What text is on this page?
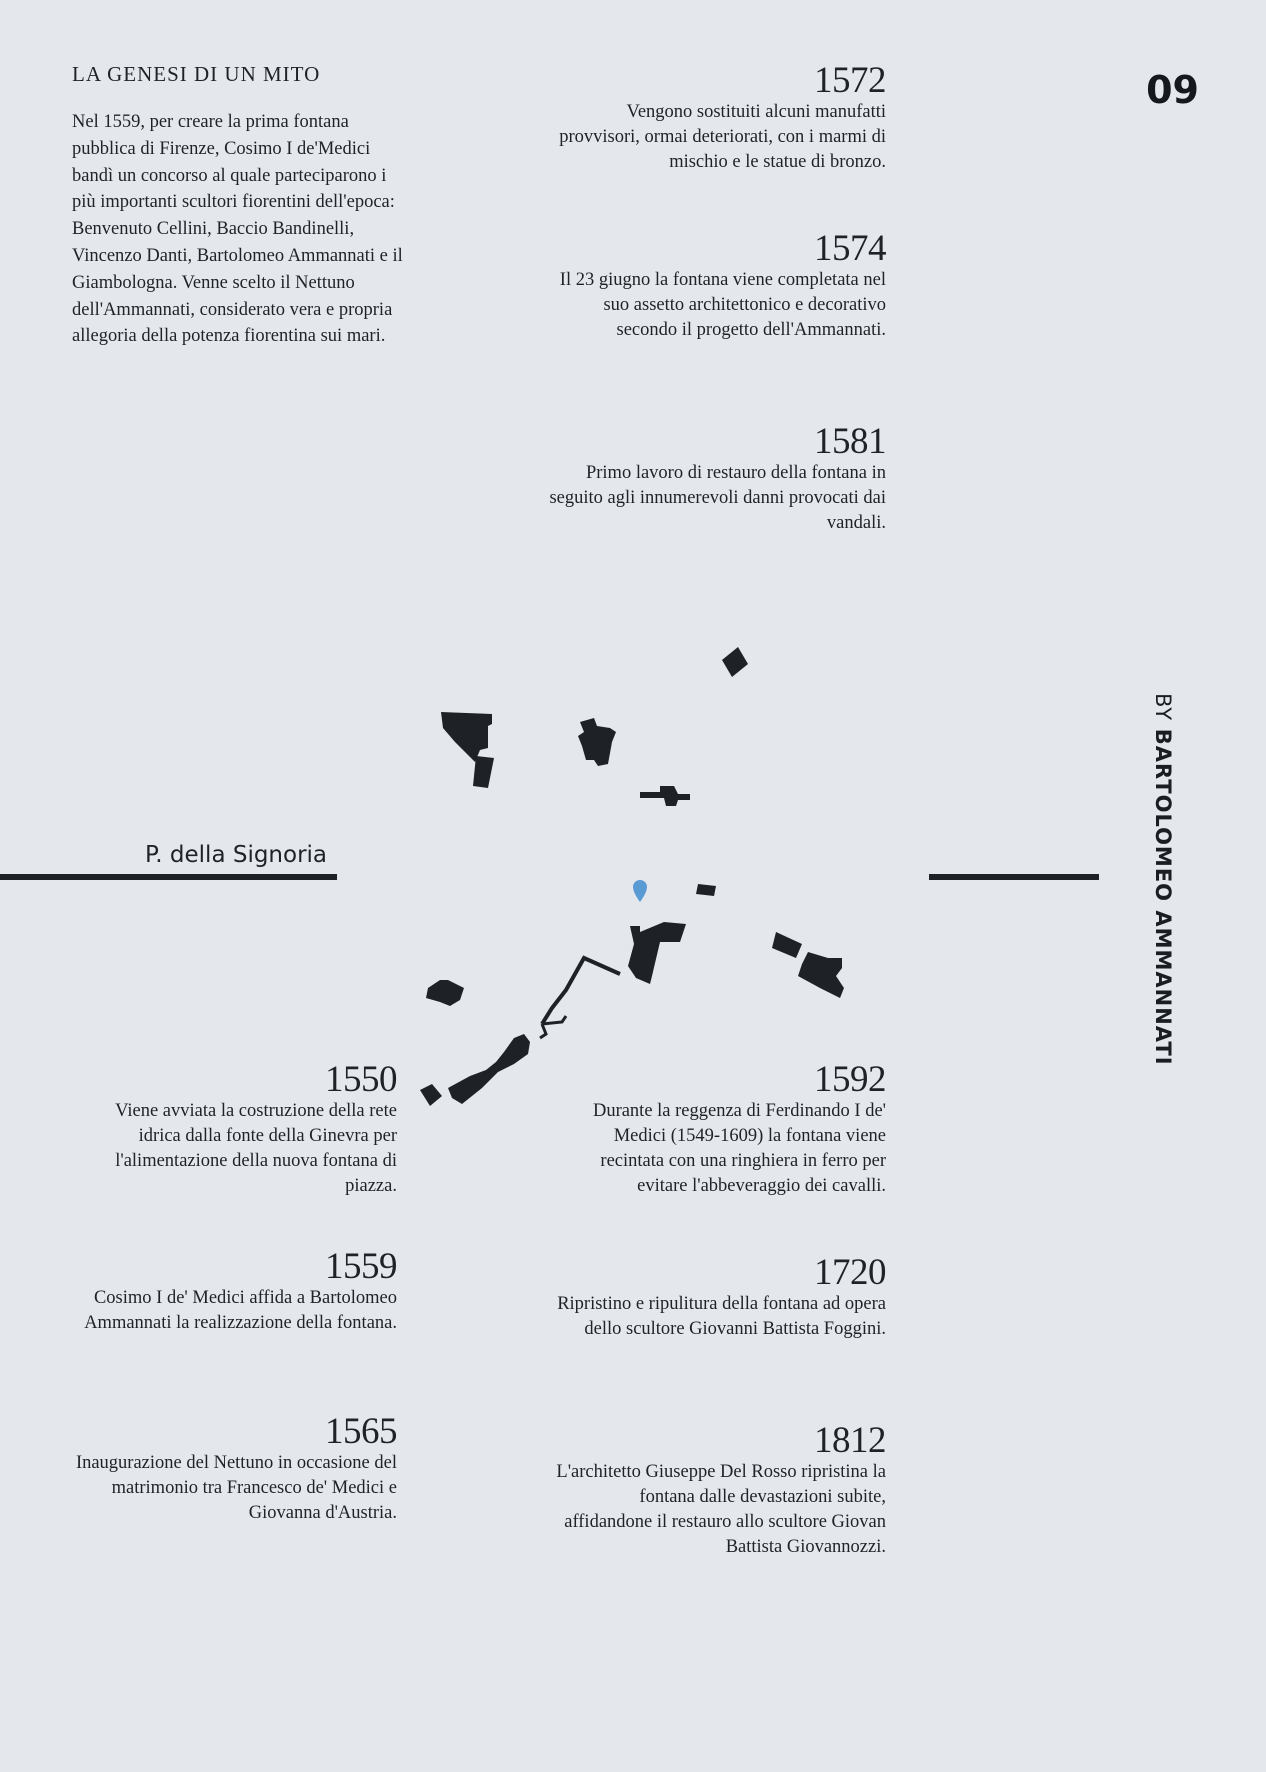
LA GENESI DI UN MITO

Nel 1559, per creare la prima fontana pubblica di Firenze, Cosimo I de'Medici bandì un concorso al quale parteciparono i più importanti scultori fiorentini dell'epoca: Benvenuto Cellini, Baccio Bandinelli, Vincenzo Danti, Bartolomeo Ammannati e il Giambologna. Venne scelto il Nettuno dell'Ammannati, considerato vera e propria allegoria della potenza fiorentina sui mari.

09
1572
Vengono sostituiti alcuni manufatti provvisori, ormai deteriorati, con i marmi di mischio e le statue di bronzo.
1574
Il 23 giugno la fontana viene completata nel suo assetto architettonico e decorativo secondo il progetto dell'Ammannati.
1581
Primo lavoro di restauro della fontana in seguito agli innumerevoli danni provocati dai vandali.
1550
Viene avviata la costruzione della rete idrica dalla fonte della Ginevra per l'alimentazione della nuova fontana di piazza.
1559
Cosimo I de' Medici affida a Bartolomeo Ammannati la realizzazione della fontana.
1565
Inaugurazione del Nettuno in occasione del matrimonio tra Francesco de' Medici e Giovanna d'Austria.
1592
Durante la reggenza di Ferdinando I de' Medici (1549-1609) la fontana viene recintata con una ringhiera in ferro per evitare l'abbeveraggio dei cavalli.
1720
Ripristino e ripulitura della fontana ad opera dello scultore Giovanni Battista Foggini.
1812
L'architetto Giuseppe Del Rosso ripristina la fontana dalle devastazioni subite, affidandone il restauro allo scultore Giovan Battista Giovannozzi.
BY BARTOLOMEO AMMANNATI
P. della Signoria
